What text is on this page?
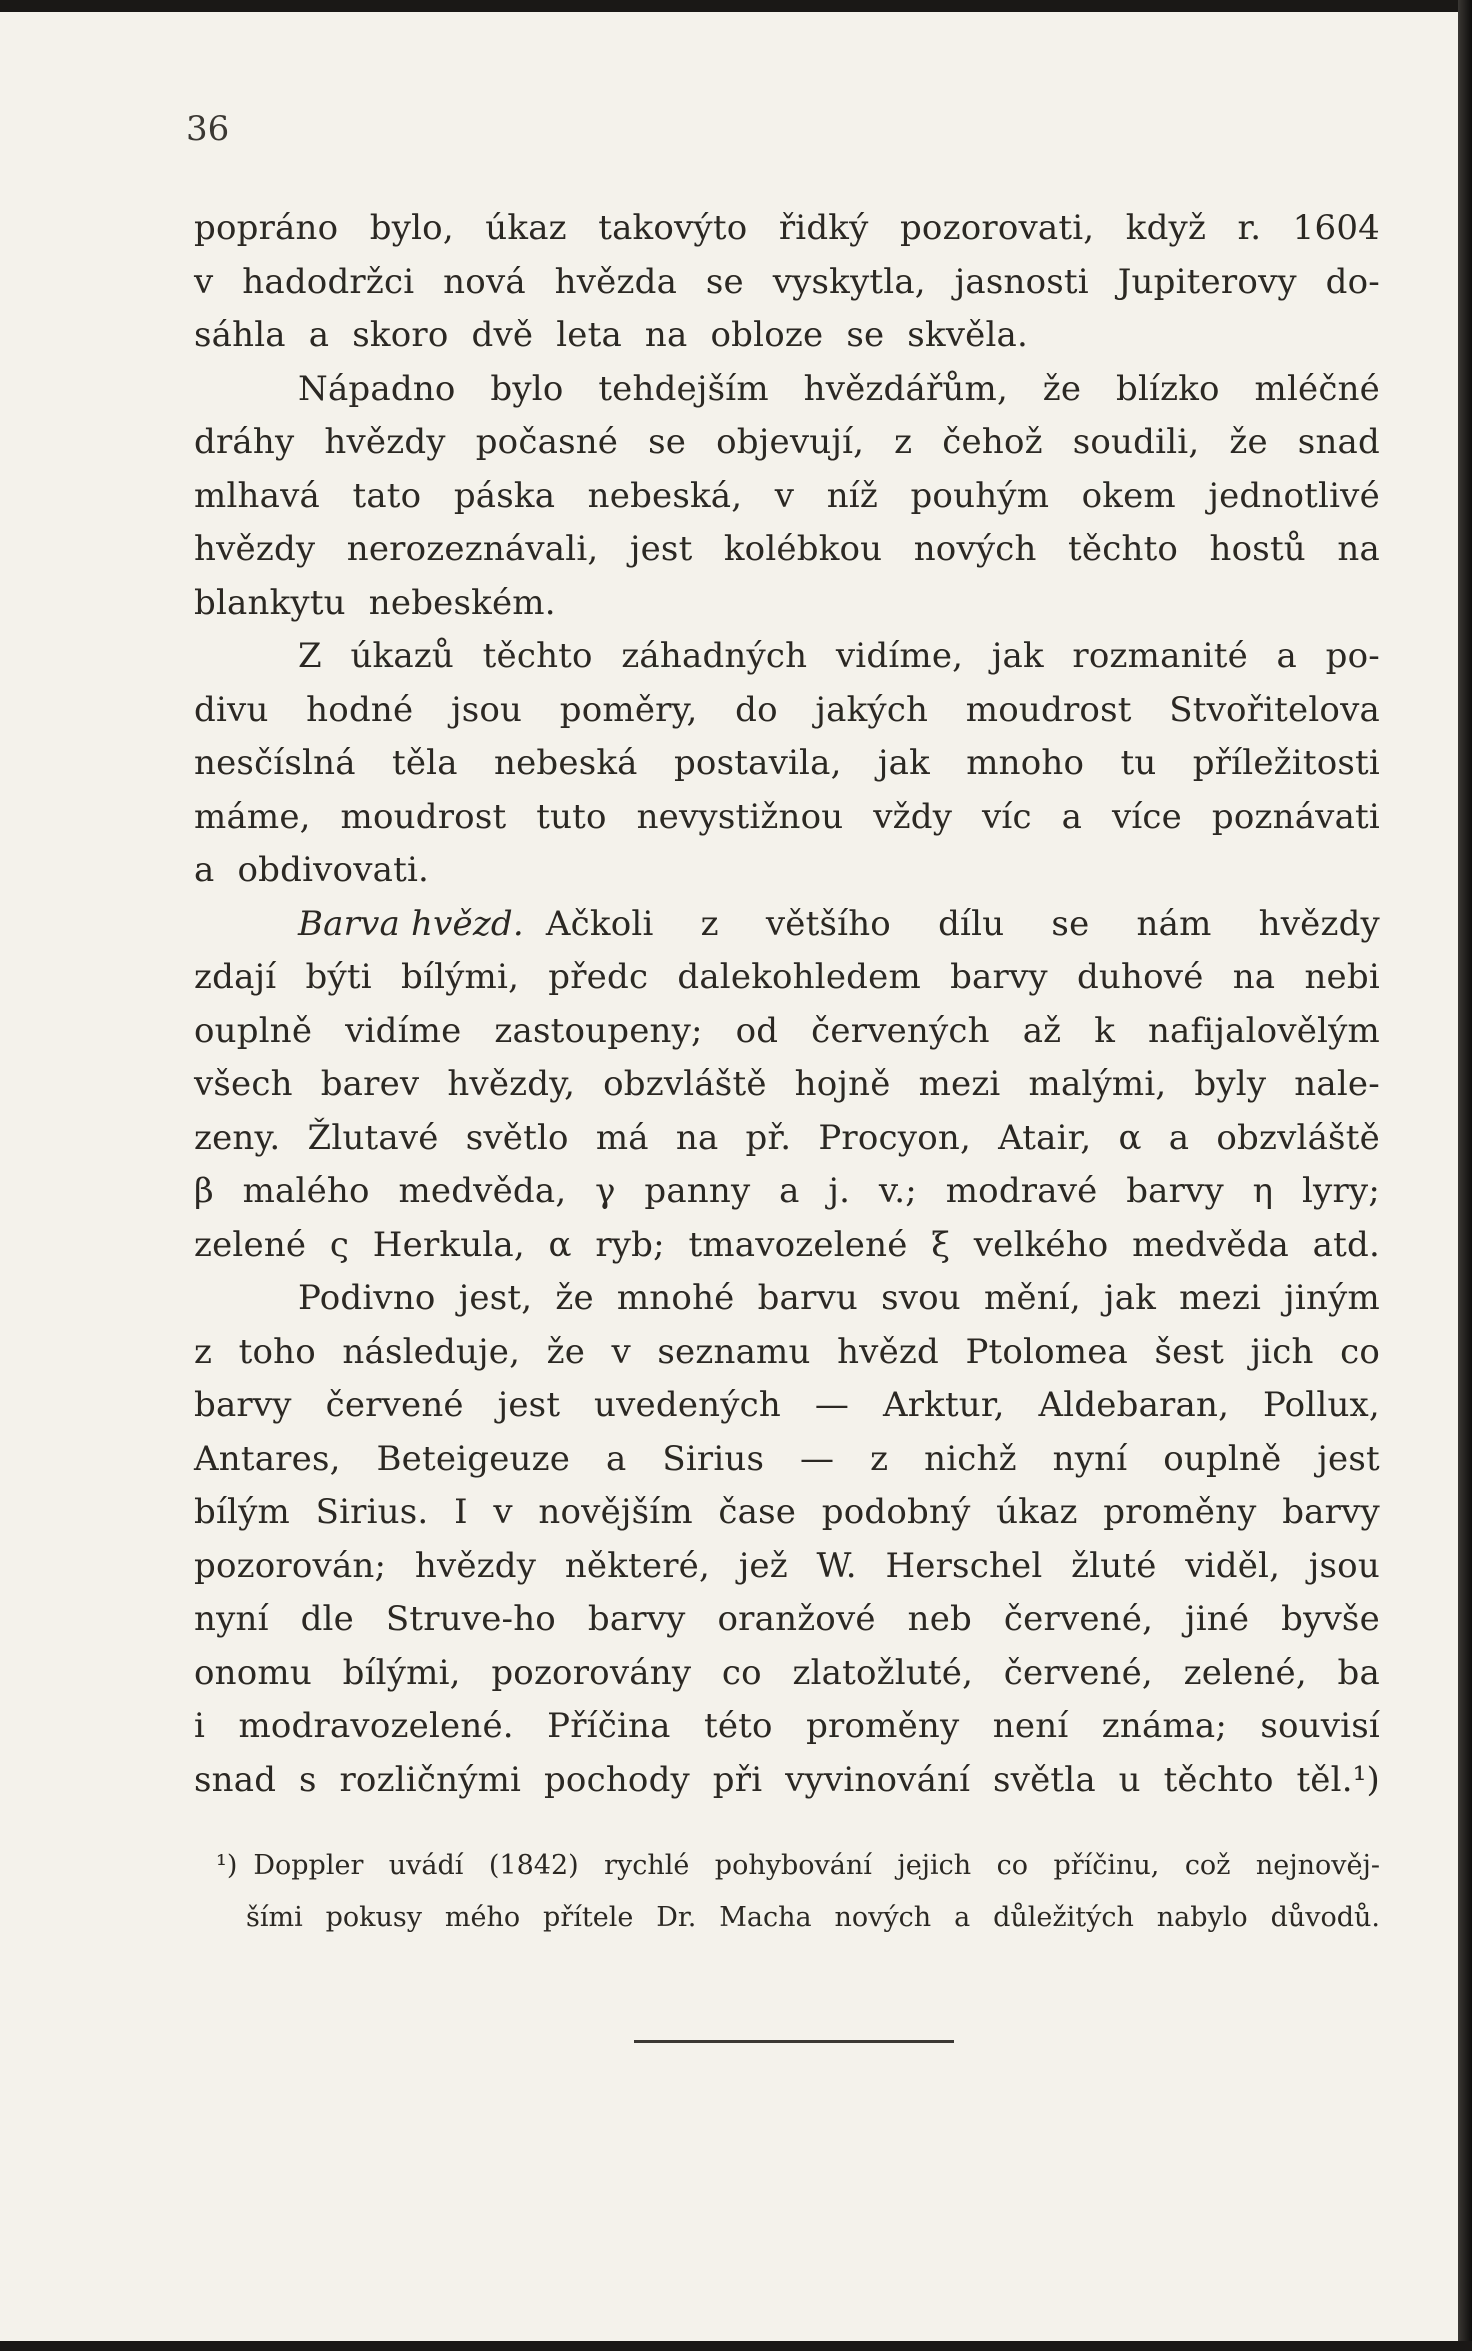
36
popráno bylo, úkaz takovýto řidký pozorovati, když r. 1604
v hadodržci nová hvězda se vyskytla, jasnosti Jupiterovy do-
sáhla a skoro dvě leta na obloze se skvěla.
Nápadno bylo tehdejším hvězdářům, že blízko mléčné
dráhy hvězdy počasné se objevují, z čehož soudili, že snad
mlhavá tato páska nebeská, v níž pouhým okem jednotlivé
hvězdy nerozeznávali, jest kolébkou nových těchto hostů na
blankytu nebeském.
Z úkazů těchto záhadných vidíme, jak rozmanité a po-
divu hodné jsou poměry, do jakých moudrost Stvořitelova
nesčíslná těla nebeská postavila, jak mnoho tu příležitosti
máme, moudrost tuto nevystižnou vždy víc a více poznávati
a obdivovati.
Barva hvězd. Ačkoli z většího dílu se nám hvězdy
zdají býti bílými, předc dalekohledem barvy duhové na nebi
ouplně vidíme zastoupeny; od červených až k nafijalovělým
všech barev hvězdy, obzvláště hojně mezi malými, byly nale-
zeny. Žlutavé světlo má na př. Procyon, Atair, α a obzvláště
β malého medvěda, γ panny a j. v.; modravé barvy η lyry;
zelené ς Herkula, α ryb; tmavozelené ξ velkého medvěda atd.
Podivno jest, že mnohé barvu svou mění, jak mezi jiným
z toho následuje, že v seznamu hvězd Ptolomea šest jich co
barvy červené jest uvedených — Arktur, Aldebaran, Pollux,
Antares, Beteigeuze a Sirius — z nichž nyní ouplně jest
bílým Sirius. I v novějším čase podobný úkaz proměny barvy
pozorován; hvězdy některé, jež W. Herschel žluté viděl, jsou
nyní dle Struve-ho barvy oranžové neb červené, jiné byvše
onomu bílými, pozorovány co zlatožluté, červené, zelené, ba
i modravozelené. Příčina této proměny není známa; souvisí
snad s rozličnými pochody při vyvinování světla u těchto těl.¹)
¹) Doppler uvádí (1842) rychlé pohybování jejich co příčinu, což nejnověj-
šími pokusy mého přítele Dr. Macha nových a důležitých nabylo důvodů.
